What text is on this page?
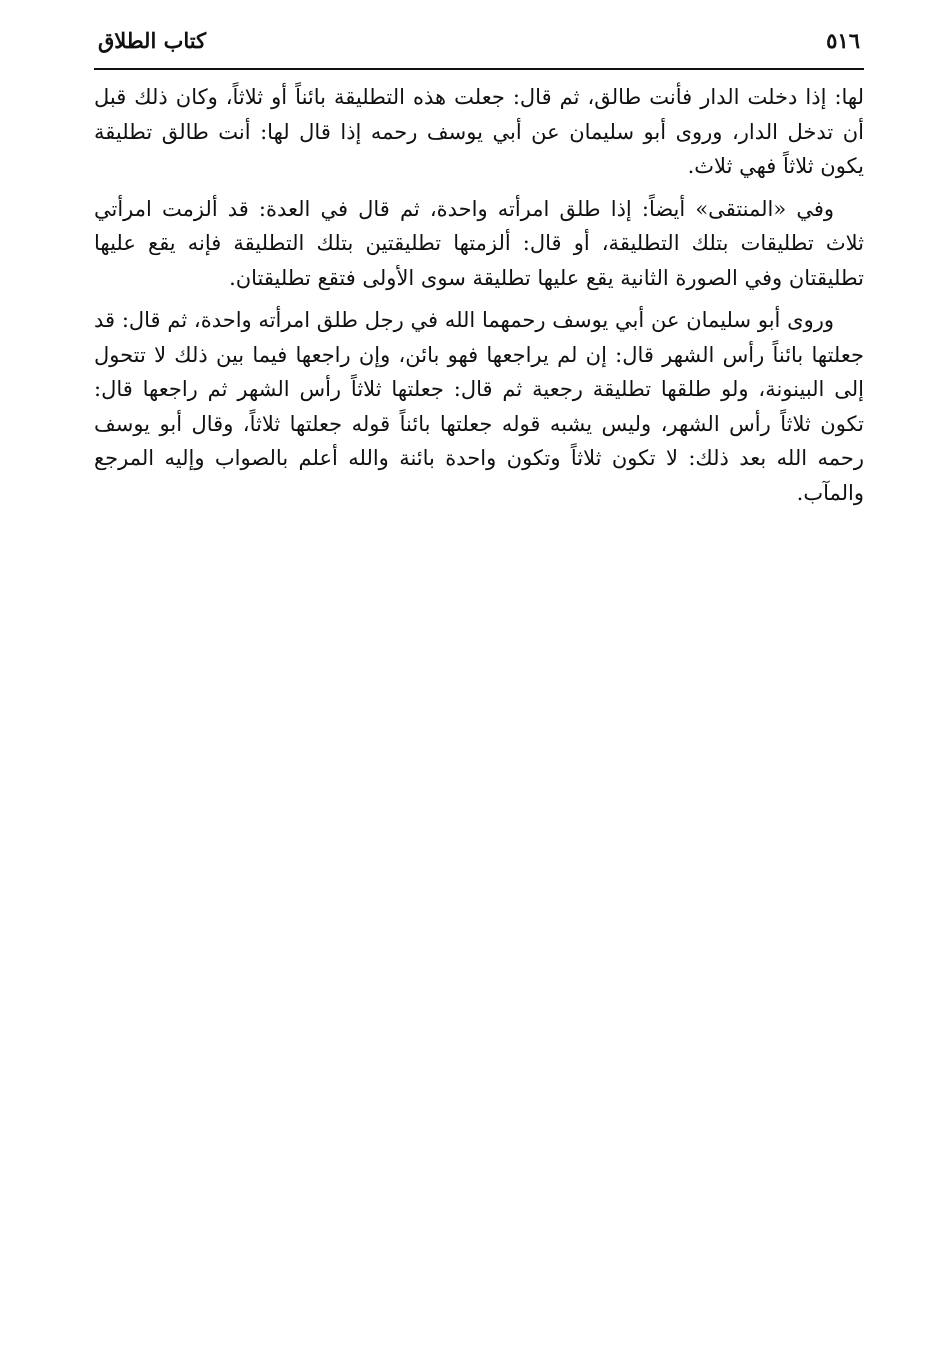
٥١٦
كتاب الطلاق

لها: إذا دخلت الدار فأنت طالق، ثم قال: جعلت هذه التطليقة بائناً أو ثلاثاً، وكان ذلك قبل أن تدخل الدار، وروى أبو سليمان عن أبي يوسف رحمه إذا قال لها: أنت طالق تطليقة يكون ثلاثاً فهي ثلاث.

وفي «المنتقى» أيضاً: إذا طلق امرأته واحدة، ثم قال في العدة: قد ألزمت امرأتي ثلاث تطليقات بتلك التطليقة، أو قال: ألزمتها تطليقتين بتلك التطليقة فإنه يقع عليها تطليقتان وفي الصورة الثانية يقع عليها تطليقة سوى الأولى فتقع تطليقتان.

وروى أبو سليمان عن أبي يوسف رحمهما الله في رجل طلق امرأته واحدة، ثم قال: قد جعلتها بائناً رأس الشهر قال: إن لم يراجعها فهو بائن، وإن راجعها فيما بين ذلك لا تتحول إلى البينونة، ولو طلقها تطليقة رجعية ثم قال: جعلتها ثلاثاً رأس الشهر ثم راجعها قال: تكون ثلاثاً رأس الشهر، وليس يشبه قوله جعلتها بائناً قوله جعلتها ثلاثاً، وقال أبو يوسف رحمه الله بعد ذلك: لا تكون ثلاثاً وتكون واحدة بائنة والله أعلم بالصواب وإليه المرجع والمآب.
